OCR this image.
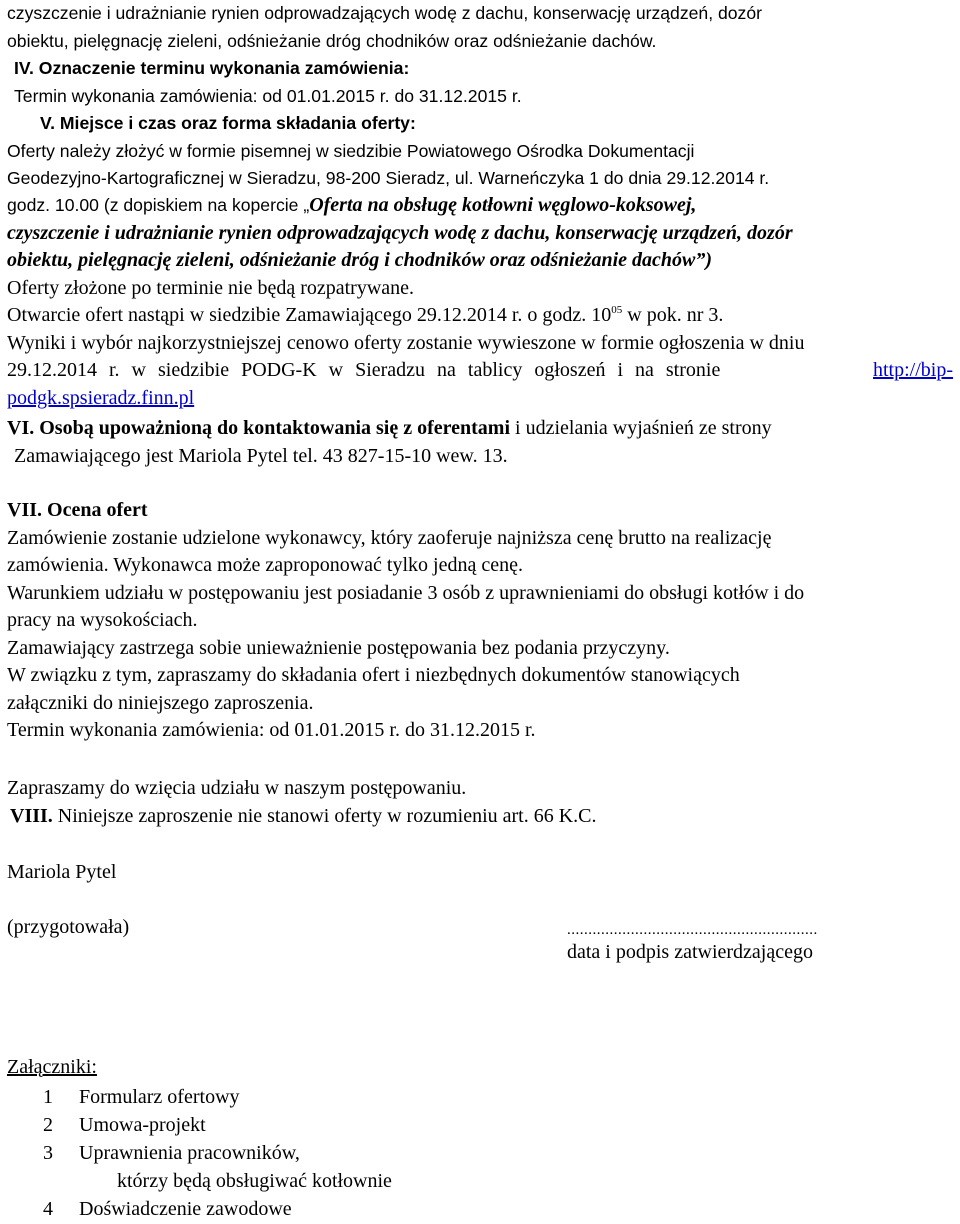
czyszczenie i udrażnianie rynien odprowadzających wodę z dachu, konserwację urządzeń, dozór
obiektu, pielęgnację zieleni, odśnieżanie dróg chodników oraz odśnieżanie dachów.
IV. Oznaczenie terminu wykonania zamówienia:
Termin wykonania zamówienia: od 01.01.2015 r. do 31.12.2015 r.
V. Miejsce i czas oraz forma składania oferty:
Oferty należy złożyć w formie pisemnej w siedzibie Powiatowego Ośrodka Dokumentacji
Geodezyjno-Kartograficznej w Sieradzu, 98-200 Sieradz, ul. Warneńczyka 1 do dnia 29.12.2014 r.
godz. 10.00 (z dopiskiem na kopercie „Oferta na obsługę kotłowni węglowo-koksowej,
czyszczenie i udrażnianie rynien odprowadzających wodę z dachu, konserwację urządzeń, dozór
obiektu, pielęgnację zieleni, odśnieżanie dróg i chodników oraz odśnieżanie dachów”)
Oferty złożone po terminie nie będą rozpatrywane.
Otwarcie ofert nastąpi w siedzibie Zamawiającego 29.12.2014 r. o godz. $10^{05}$ w pok. nr 3.
Wyniki i wybór najkorzystniejszej cenowo oferty zostanie wywieszone w formie ogłoszenia w dniu
29.12.2014 r. w siedzibie PODG-K w Sieradzu na tablicy ogłoszeń i na stronie	http://bip-
podgk.spsieradz.finn.pl
VI. Osobą upoważnioną do kontaktowania się z oferentami i udzielania wyjaśnień ze strony
Zamawiającego jest Mariola Pytel tel. 43 827-15-10 wew. 13.
VII. Ocena ofert
Zamówienie zostanie udzielone wykonawcy, który zaoferuje najniższa cenę brutto na realizację
zamówienia. Wykonawca może zaproponować tylko jedną cenę.
Warunkiem udziału w postępowaniu jest posiadanie 3 osób z uprawnieniami do obsługi kotłów i do
pracy na wysokościach.
Zamawiający zastrzega sobie unieważnienie postępowania bez podania przyczyny.
W związku z tym, zapraszamy do składania ofert i niezbędnych dokumentów stanowiących
załączniki do niniejszego zaproszenia.
Termin wykonania zamówienia: od 01.01.2015 r. do 31.12.2015 r.
Zapraszamy do wzięcia udziału w naszym postępowaniu.
VIII. Niniejsze zaproszenie nie stanowi oferty w rozumieniu art. 66 K.C.
Mariola Pytel
(przygotowała)	...........................................................
data i podpis zatwierdzającego
Załączniki:
1 Formularz ofertowy
2 Umowa-projekt
3 Uprawnienia pracowników,
którzy będą obsługiwać kotłownie
4 Doświadczenie zawodowe
